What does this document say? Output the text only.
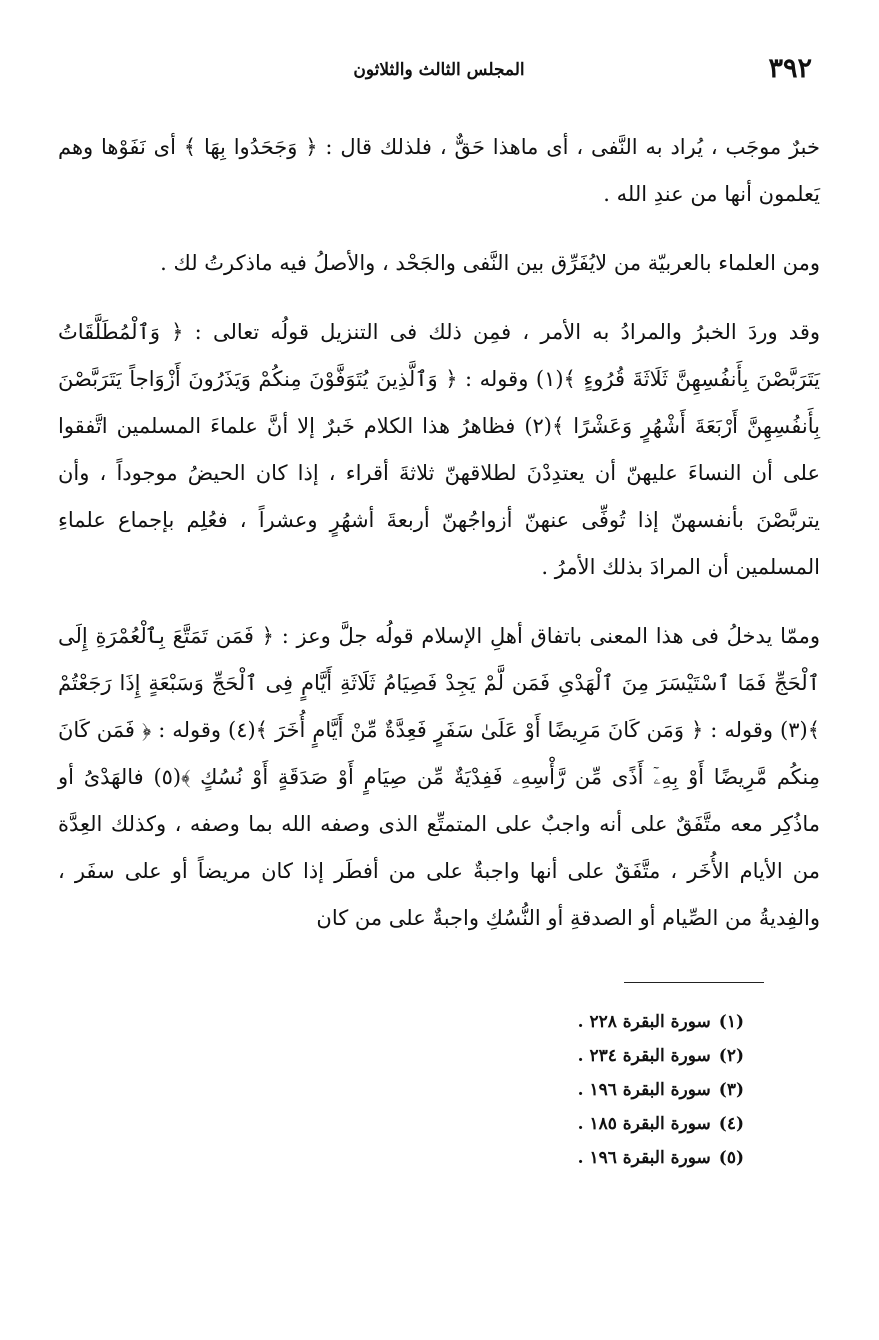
٣٩٢
المجلس الثالث والثلاثون

خبرٌ موجَب ، يُراد به النَّفى ، أى ماهذا حَقٌّ ، فلذلك قال : ﴿ وَجَحَدُوا بِهَا ﴾ أى نَفَوْها وهم يَعلمون أنها من عندِ الله .

ومن العلماء بالعربيّة من لايُفَرِّق بين النَّفى والجَحْد ، والأصلُ فيه ماذكرتُ لك .

وقد وردَ الخبرُ والمرادُ به الأمر ، فمِن ذلك فى التنزيل قولُه تعالى : ﴿ وَٱلْمُطَلَّقَاتُ يَتَرَبَّصْنَ بِأَنفُسِهِنَّ ثَلَاثَةَ قُرُوءٍ ﴾(١) وقوله : ﴿ وَٱلَّذِينَ يُتَوَفَّوْنَ مِنكُمْ وَيَذَرُونَ أَزْوَاجاً يَتَرَبَّصْنَ بِأَنفُسِهِنَّ أَرْبَعَةَ أَشْهُرٍ وَعَشْرًا ﴾(٢) فظاهرُ هذا الكلام خَبرٌ إلا أنَّ علماءَ المسلمين اتَّفقوا على أن النساءَ عليهنّ أن يعتدِدْنَ لطلاقهنّ ثلاثةَ أقراء ، إذا كان الحيضُ موجوداً ، وأن يتربَّصْنَ بأنفسهنّ إذا تُوفِّى عنهنّ أزواجُهنّ أربعةَ أشهُرٍ وعشراً ، فعُلِم بإجماع علماءِ المسلمين أن المرادَ بذلك الأمرُ .

وممّا يدخلُ فى هذا المعنى باتفاق أهلِ الإسلام قولُه جلَّ وعز : ﴿ فَمَن تَمَتَّعَ بِٱلْعُمْرَةِ إِلَى ٱلْحَجِّ فَمَا ٱسْتَيْسَرَ مِنَ ٱلْهَدْىِ فَمَن لَّمْ يَجِدْ فَصِيَامُ ثَلَاثَةِ أَيَّامٍ فِى ٱلْحَجِّ وَسَبْعَةٍ إِذَا رَجَعْتُمْ ﴾(٣) وقوله : ﴿ وَمَن كَانَ مَرِيضًا أَوْ عَلَىٰ سَفَرٍ فَعِدَّةٌ مِّنْ أَيَّامٍ أُخَرَ ﴾(٤) وقوله : ﴿ فَمَن كَانَ مِنكُم مَّرِيضًا أَوْ بِهِۦٓ أَذًى مِّن رَّأْسِهِۦ فَفِدْيَةٌ مِّن صِيَامٍ أَوْ صَدَقَةٍ أَوْ نُسُكٍ ﴾(٥) فالهَدْىُ أو ماذُكِر معه متَّفَقٌ على أنه واجبٌ على المتمتِّع الذى وصفه الله بما وصفه ، وكذلك العِدَّة من الأيام الأُخَر ، متَّفَقٌ على أنها واجبةٌ على من أفطَر إذا كان مريضاً أو على سفَر ، والفِديةُ من الصِّيام أو الصدقةِ أو النُّسُكِ واجبةٌ على من كان

(١)سورة البقرة ٢٢٨ .
(٢)سورة البقرة ٢٣٤ .
(٣)سورة البقرة ١٩٦ .
(٤)سورة البقرة ١٨٥ .
(٥)سورة البقرة ١٩٦ .
